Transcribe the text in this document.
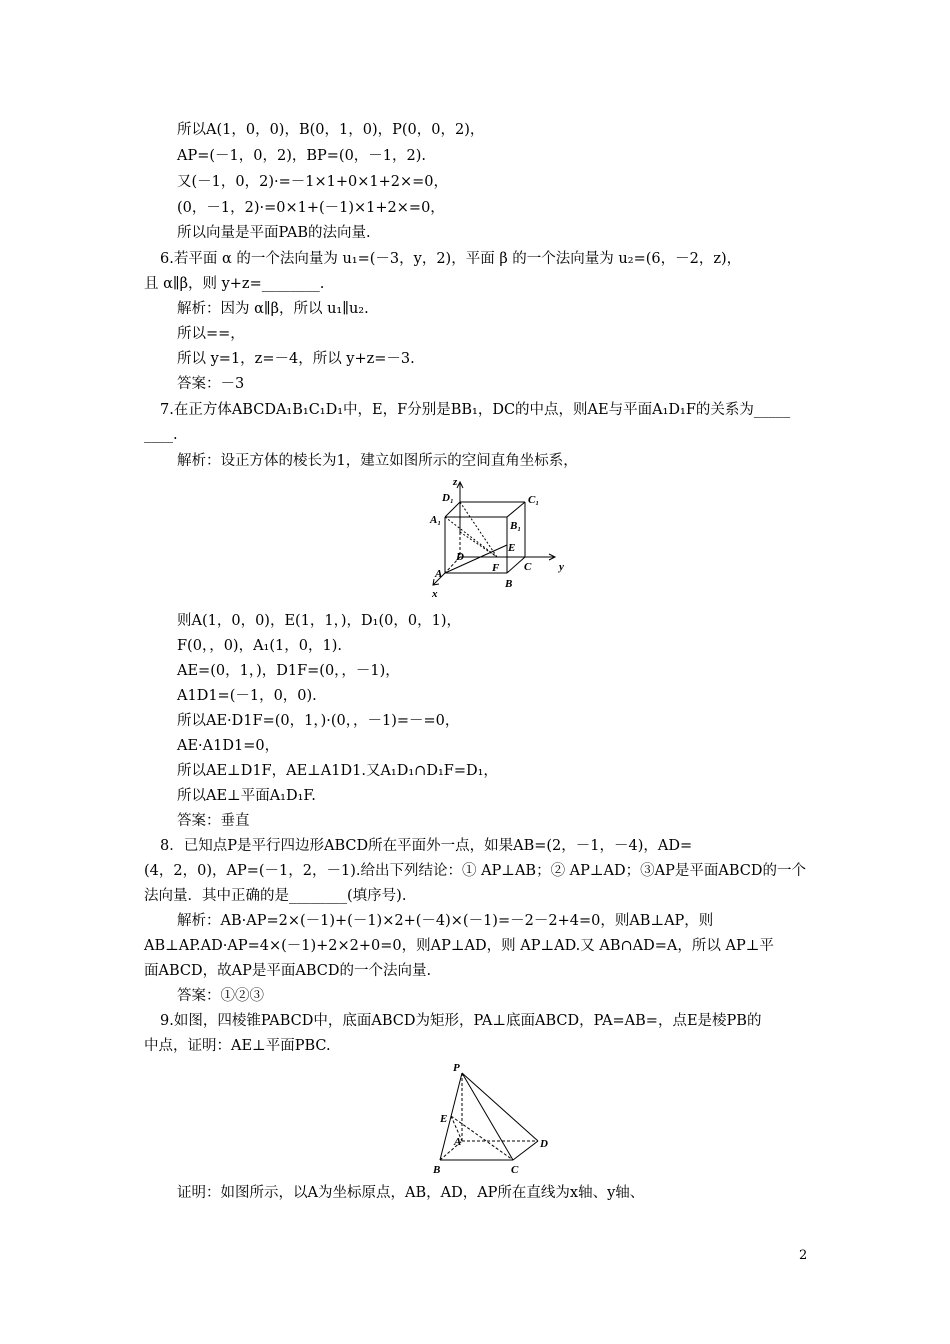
所以A(1，0，0)，B(0，1，0)，P(0，0，2)，
AP=(－1，0，2)，BP=(0，－1，2).
又(－1，0，2)·=－1×1+0×1+2×=0，
(0，－1，2)·=0×1+(－1)×1+2×=0，
所以向量是平面PAB的法向量.
6.若平面 α 的一个法向量为 u₁=(－3，y，2)，平面 β 的一个法向量为 u₂=(6，－2，z)，
且 α∥β，则 y+z=________.
解析：因为 α∥β，所以 u₁∥u₂.
所以==，
所以 y=1，z=－4，所以 y+z=－3.
答案：－3
7.在正方体ABCDA₁B₁C₁D₁中，E，F分别是BB₁，DC的中点，则AE与平面A₁D₁F的关系为_____
____.
解析：设正方体的棱长为1，建立如图所示的空间直角坐标系，
z
y
x
D₁	C₁
A₁	B₁
D
E
A	F C
B
则A(1，0，0)，E(1，1，)，D₁(0，0，1)，
F(0，，0)，A₁(1，0，1).
AE=(0，1，)，D1F=(0，，－1)，
A1D1=(－1，0，0).
所以AE·D1F=(0，1，)·(0，，－1)=－=0，
AE·A1D1=0，
所以AE⊥D1F，AE⊥A1D1.又A₁D₁∩D₁F=D₁，
所以AE⊥平面A₁D₁F.
答案：垂直
8．已知点P是平行四边形ABCD所在平面外一点，如果AB=(2，－1，－4)，AD=
(4，2，0)，AP=(－1，2，－1).给出下列结论：① AP⊥AB；② AP⊥AD；③AP是平面ABCD的一个
法向量．其中正确的是________(填序号).
解析：AB·AP=2×(－1)+(－1)×2+(－4)×(－1)=－2－2+4=0，则AB⊥AP，则
AB⊥AP.AD·AP=4×(－1)+2×2+0=0，则AP⊥AD，则 AP⊥AD.又 AB∩AD=A，所以 AP⊥平
面ABCD，故AP是平面ABCD的一个法向量.
答案：①②③
9.如图，四棱锥PABCD中，底面ABCD为矩形，PA⊥底面ABCD，PA=AB=，点E是棱PB的
中点，证明：AE⊥平面PBC.
P
E
A	D
B	C
证明：如图所示，以A为坐标原点，AB，AD，AP所在直线为x轴、y轴、
2
